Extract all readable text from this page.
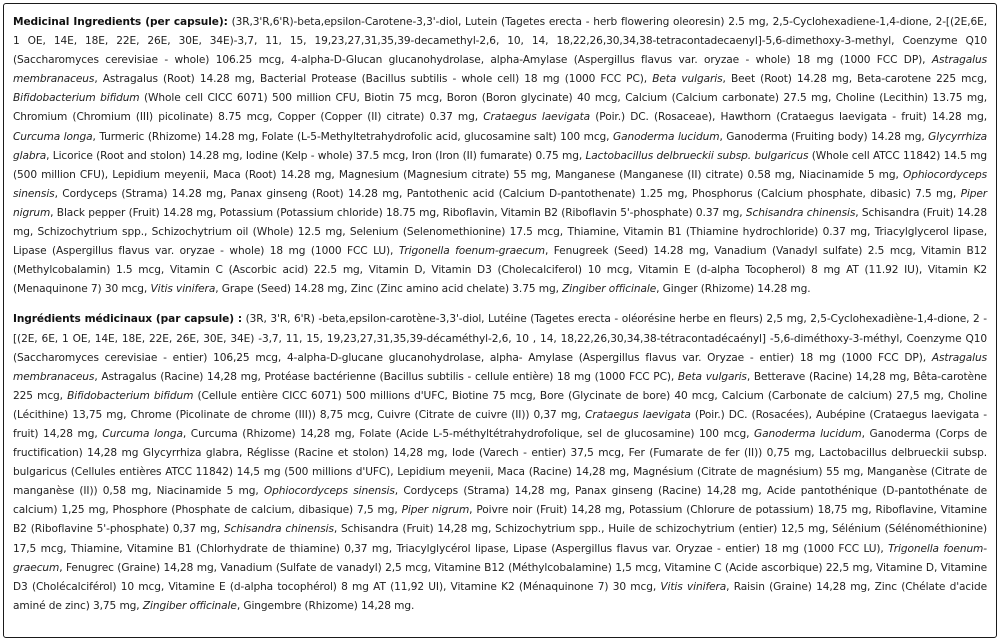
Medicinal Ingredients (per capsule): (3R,3'R,6'R)-beta,epsilon-Carotene-3,3'-diol, Lutein (Tagetes erecta - herb flowering oleoresin) 2.5 mg, 2,5-Cyclohexadiene-1,4-dione, 2-[(2E,6E, 1 OE, 14E, 18E, 22E, 26E, 30E, 34E)-3,7, 11, 15, 19,23,27,31,35,39-decamethyl-2,6, 10, 14, 18,22,26,30,34,38-tetracontadecaenyl]-5,6-dimethoxy-3-methyl, Coenzyme Q10 (Saccharomyces cerevisiae - whole) 106.25 mcg, 4-alpha-D-Glucan glucanohydrolase, alpha-Amylase (Aspergillus flavus var. oryzae - whole) 18 mg (1000 FCC DP), Astragalus membranaceus, Astragalus (Root) 14.28 mg, Bacterial Protease (Bacillus subtilis - whole cell) 18 mg (1000 FCC PC), Beta vulgaris, Beet (Root) 14.28 mg, Beta-carotene 225 mcg, Bifidobacterium bifidum (Whole cell CICC 6071) 500 million CFU, Biotin 75 mcg, Boron (Boron glycinate) 40 mcg, Calcium (Calcium carbonate) 27.5 mg, Choline (Lecithin) 13.75 mg, Chromium (Chromium (III) picolinate) 8.75 mcg, Copper (Copper (II) citrate) 0.37 mg, Crataegus laevigata (Poir.) DC. (Rosaceae), Hawthorn (Crataegus laevigata - fruit) 14.28 mg, Curcuma longa, Turmeric (Rhizome) 14.28 mg, Folate (L-5-Methyltetrahydrofolic acid, glucosamine salt) 100 mcg, Ganoderma lucidum, Ganoderma (Fruiting body) 14.28 mg, Glycyrrhiza glabra, Licorice (Root and stolon) 14.28 mg, Iodine (Kelp - whole) 37.5 mcg, Iron (Iron (II) fumarate) 0.75 mg, Lactobacillus delbrueckii subsp. bulgaricus (Whole cell ATCC 11842) 14.5 mg (500 million CFU), Lepidium meyenii, Maca (Root) 14.28 mg, Magnesium (Magnesium citrate) 55 mg, Manganese (Manganese (II) citrate) 0.58 mg, Niacinamide 5 mg, Ophiocordyceps sinensis, Cordyceps (Strama) 14.28 mg, Panax ginseng (Root) 14.28 mg, Pantothenic acid (Calcium D-pantothenate) 1.25 mg, Phosphorus (Calcium phosphate, dibasic) 7.5 mg, Piper nigrum, Black pepper (Fruit) 14.28 mg, Potassium (Potassium chloride) 18.75 mg, Riboflavin, Vitamin B2 (Riboflavin 5'-phosphate) 0.37 mg, Schisandra chinensis, Schisandra (Fruit) 14.28 mg, Schizochytrium spp., Schizochytrium oil (Whole) 12.5 mg, Selenium (Selenomethionine) 17.5 mcg, Thiamine, Vitamin B1 (Thiamine hydrochloride) 0.37 mg, Triacylglycerol lipase, Lipase (Aspergillus flavus var. oryzae - whole) 18 mg (1000 FCC LU), Trigonella foenum-graecum, Fenugreek (Seed) 14.28 mg, Vanadium (Vanadyl sulfate) 2.5 mcg, Vitamin B12 (Methylcobalamin) 1.5 mcg, Vitamin C (Ascorbic acid) 22.5 mg, Vitamin D, Vitamin D3 (Cholecalciferol) 10 mcg, Vitamin E (d-alpha Tocopherol) 8 mg AT (11.92 IU), Vitamin K2 (Menaquinone 7) 30 mcg, Vitis vinifera, Grape (Seed) 14.28 mg, Zinc (Zinc amino acid chelate) 3.75 mg, Zingiber officinale, Ginger (Rhizome) 14.28 mg.

Ingrédients médicinaux (par capsule) : (3R, 3'R, 6'R) -beta,epsilon-carotène-3,3'-diol, Lutéine (Tagetes erecta - oléorésine herbe en fleurs) 2,5 mg, 2,5-Cyclohexadiène-1,4-dione, 2 - [(2E, 6E, 1 OE, 14E, 18E, 22E, 26E, 30E, 34E) -3,7, 11, 15, 19,23,27,31,35,39-décaméthyl-2,6, 10 , 14, 18,22,26,30,34,38-tétracontadécaényl] -5,6-diméthoxy-3-méthyl, Coenzyme Q10 (Saccharomyces cerevisiae - entier) 106,25 mcg, 4-alpha-D-glucane glucanohydrolase, alpha- Amylase (Aspergillus flavus var. Oryzae - entier) 18 mg (1000 FCC DP), Astragalus membranaceus, Astragalus (Racine) 14,28 mg, Protéase bactérienne (Bacillus subtilis - cellule entière) 18 mg (1000 FCC PC), Beta vulgaris, Betterave (Racine) 14,28 mg, Bêta-carotène 225 mcg, Bifidobacterium bifidum (Cellule entière CICC 6071) 500 millions d'UFC, Biotine 75 mcg, Bore (Glycinate de bore) 40 mcg, Calcium (Carbonate de calcium) 27,5 mg, Choline (Lécithine) 13,75 mg, Chrome (Picolinate de chrome (III)) 8,75 mcg, Cuivre (Citrate de cuivre (II)) 0,37 mg, Crataegus laevigata (Poir.) DC. (Rosacées), Aubépine (Crataegus laevigata - fruit) 14,28 mg, Curcuma longa, Curcuma (Rhizome) 14,28 mg, Folate (Acide L-5-méthyltétrahydrofolique, sel de glucosamine) 100 mcg, Ganoderma lucidum, Ganoderma (Corps de fructification) 14,28 mg Glycyrrhiza glabra, Réglisse (Racine et stolon) 14,28 mg, Iode (Varech - entier) 37,5 mcg, Fer (Fumarate de fer (II)) 0,75 mg, Lactobacillus delbrueckii subsp. bulgaricus (Cellules entières ATCC 11842) 14,5 mg (500 millions d'UFC), Lepidium meyenii, Maca (Racine) 14,28 mg, Magnésium (Citrate de magnésium) 55 mg, Manganèse (Citrate de manganèse (II)) 0,58 mg, Niacinamide 5 mg, Ophiocordyceps sinensis, Cordyceps (Strama) 14,28 mg, Panax ginseng (Racine) 14,28 mg, Acide pantothénique (D-pantothénate de calcium) 1,25 mg, Phosphore (Phosphate de calcium, dibasique) 7,5 mg, Piper nigrum, Poivre noir (Fruit) 14,28 mg, Potassium (Chlorure de potassium) 18,75 mg, Riboflavine, Vitamine B2 (Riboflavine 5'-phosphate) 0,37 mg, Schisandra chinensis, Schisandra (Fruit) 14,28 mg, Schizochytrium spp., Huile de schizochytrium (entier) 12,5 mg, Sélénium (Sélénométhionine) 17,5 mcg, Thiamine, Vitamine B1 (Chlorhydrate de thiamine) 0,37 mg, Triacylglycérol lipase, Lipase (Aspergillus flavus var. Oryzae - entier) 18 mg (1000 FCC LU), Trigonella foenum-graecum, Fenugrec (Graine) 14,28 mg, Vanadium (Sulfate de vanadyl) 2,5 mcg, Vitamine B12 (Méthylcobalamine) 1,5 mcg, Vitamine C (Acide ascorbique) 22,5 mg, Vitamine D, Vitamine D3 (Cholécalciférol) 10 mcg, Vitamine E (d-alpha tocophérol) 8 mg AT (11,92 UI), Vitamine K2 (Ménaquinone 7) 30 mcg, Vitis vinifera, Raisin (Graine) 14,28 mg, Zinc (Chélate d'acide aminé de zinc) 3,75 mg, Zingiber officinale, Gingembre (Rhizome) 14,28 mg.
